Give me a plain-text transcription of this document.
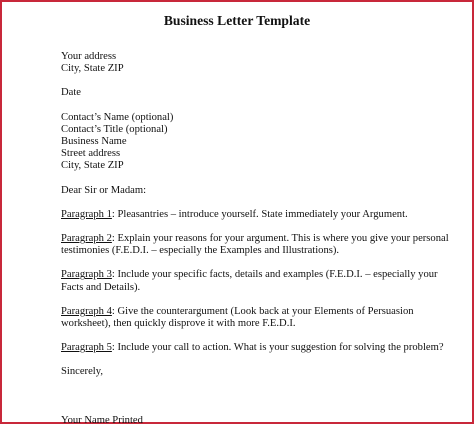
Business Letter Template
Your address
City, State ZIP
Date
Contact’s Name (optional)
Contact’s Title (optional)
Business Name
Street address
City, State ZIP
Dear Sir or Madam:
Paragraph 1: Pleasantries – introduce yourself. State immediately your Argument.
Paragraph 2: Explain your reasons for your argument. This is where you give your personal testimonies (F.E.D.I. – especially the Examples and Illustrations).
Paragraph 3: Include your specific facts, details and examples (F.E.D.I. – especially your Facts and Details).
Paragraph 4: Give the counterargument (Look back at your Elements of Persuasion worksheet), then quickly disprove it with more F.E.D.I.
Paragraph 5: Include your call to action. What is your suggestion for solving the problem?
Sincerely,
Your Name Printed
